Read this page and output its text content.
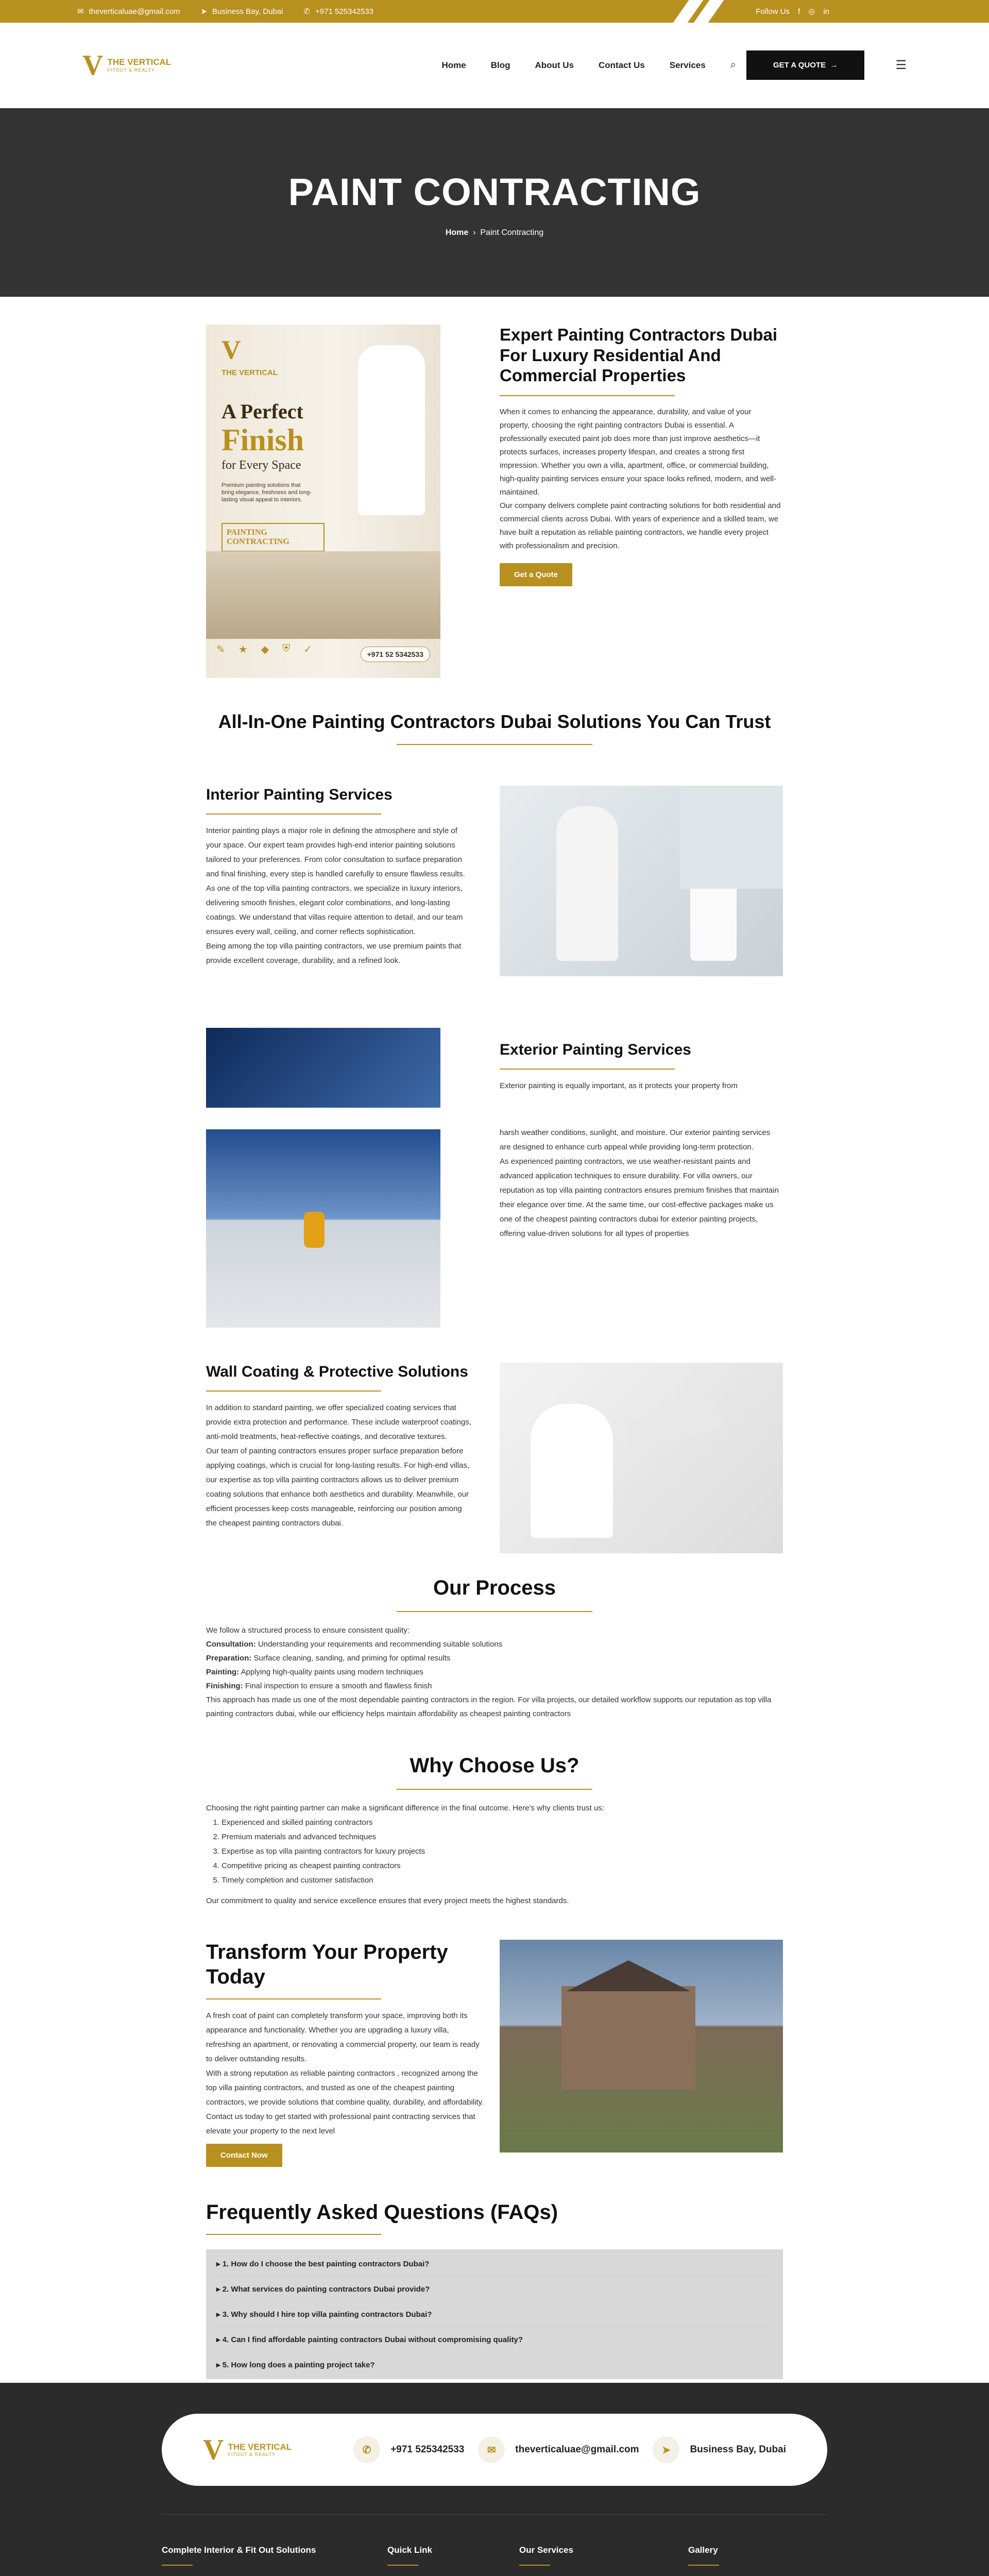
✉ theverticaluae@gmail.com	➤ Business Bay, Dubai	✆ +971 525342533	Follow Us f ◎ in
V THE VERTICAL
FITOUT & REALTY
Home	Blog	About Us	Contact Us	Services ⌕	GET A QUOTE  →	☰
PAINT CONTRACTING
Home  ›  Paint Contracting
V
THE VERTICAL
A Perfect
Finish
for Every Space
Premium painting solutions that bring elegance, freshness and long-lasting visual appeal to interiors.
PAINTING CONTRACTING
✎ ★ ◆ ⛨ ✓	+971 52 5342533
Expert Painting Contractors Dubai For Luxury Residential And Commercial Properties

When it comes to enhancing the appearance, durability, and value of your property, choosing the right painting contractors Dubai is essential. A professionally executed paint job does more than just improve aesthetics—it protects surfaces, increases property lifespan, and creates a strong first impression. Whether you own a villa, apartment, office, or commercial building, high-quality painting services ensure your space looks refined, modern, and well-maintained.

Our company delivers complete paint contracting solutions for both residential and commercial clients across Dubai. With years of experience and a skilled team, we have built a reputation as reliable painting contractors, we handle every project with professionalism and precision.

Get a Quote
All-In-One Painting Contractors Dubai Solutions You Can Trust
Interior Painting Services

Interior painting plays a major role in defining the atmosphere and style of your space. Our expert team provides high-end interior painting solutions tailored to your preferences. From color consultation to surface preparation and final finishing, every step is handled carefully to ensure flawless results.

As one of the top villa painting contractors, we specialize in luxury interiors, delivering smooth finishes, elegant color combinations, and long-lasting coatings. We understand that villas require attention to detail, and our team ensures every wall, ceiling, and corner reflects sophistication.

Being among the top villa painting contractors, we use premium paints that provide excellent coverage, durability, and a refined look.

Exterior Painting Services

Exterior painting is equally important, as it protects your property from

harsh weather conditions, sunlight, and moisture. Our exterior painting services are designed to enhance curb appeal while providing long-term protection.

As experienced painting contractors, we use weather-resistant paints and advanced application techniques to ensure durability. For villa owners, our reputation as top villa painting contractors ensures premium finishes that maintain their elegance over time. At the same time, our cost-effective packages make us one of the cheapest painting contractors dubai for exterior painting projects, offering value-driven solutions for all types of properties

Wall Coating & Protective Solutions

In addition to standard painting, we offer specialized coating services that provide extra protection and performance. These include waterproof coatings, anti-mold treatments, heat-reflective coatings, and decorative textures.

Our team of painting contractors ensures proper surface preparation before applying coatings, which is crucial for long-lasting results. For high-end villas, our expertise as top villa painting contractors allows us to deliver premium coating solutions that enhance both aesthetics and durability. Meanwhile, our efficient processes keep costs manageable, reinforcing our position among the cheapest painting contractors dubai.

Our Process

We follow a structured process to ensure consistent quality:

Consultation: Understanding your requirements and recommending suitable solutions

Preparation: Surface cleaning, sanding, and priming for optimal results

Painting: Applying high-quality paints using modern techniques

Finishing: Final inspection to ensure a smooth and flawless finish

This approach has made us one of the most dependable painting contractors in the region. For villa projects, our detailed workflow supports our reputation as top villa painting contractors dubai, while our efficiency helps maintain affordability as cheapest painting contractors

Why Choose Us?

Choosing the right painting partner can make a significant difference in the final outcome. Here's why clients trust us:

1. Experienced and skilled painting contractors
2. Premium materials and advanced techniques
3. Expertise as top villa painting contractors for luxury projects
4. Competitive pricing as cheapest painting contractors
5. Timely completion and customer satisfaction

Our commitment to quality and service excellence ensures that every project meets the highest standards.

Transform Your Property Today

A fresh coat of paint can completely transform your space, improving both its appearance and functionality. Whether you are upgrading a luxury villa, refreshing an apartment, or renovating a commercial property, our team is ready to deliver outstanding results.

With a strong reputation as reliable painting contractors , recognized among the top villa painting contractors, and trusted as one of the cheapest painting contractors, we provide solutions that combine quality, durability, and affordability.

Contact us today to get started with professional paint contracting services that elevate your property to the next level

Contact Now
Frequently Asked Questions (FAQs)
▸ 1. How do I choose the best painting contractors Dubai?
▸ 2. What services do painting contractors Dubai provide?
▸ 3. Why should I hire top villa painting contractors Dubai?
▸ 4. Can I find affordable painting contractors Dubai without compromising quality?
▸ 5. How long does a painting project take?
V THE VERTICAL
FITOUT & REALTY	✆	+971 525342533	✉	theverticaluae@gmail.com	➤	Business Bay, Dubai
Complete Interior & Fit Out Solutions	Quick Link	Our Services	Gallery
